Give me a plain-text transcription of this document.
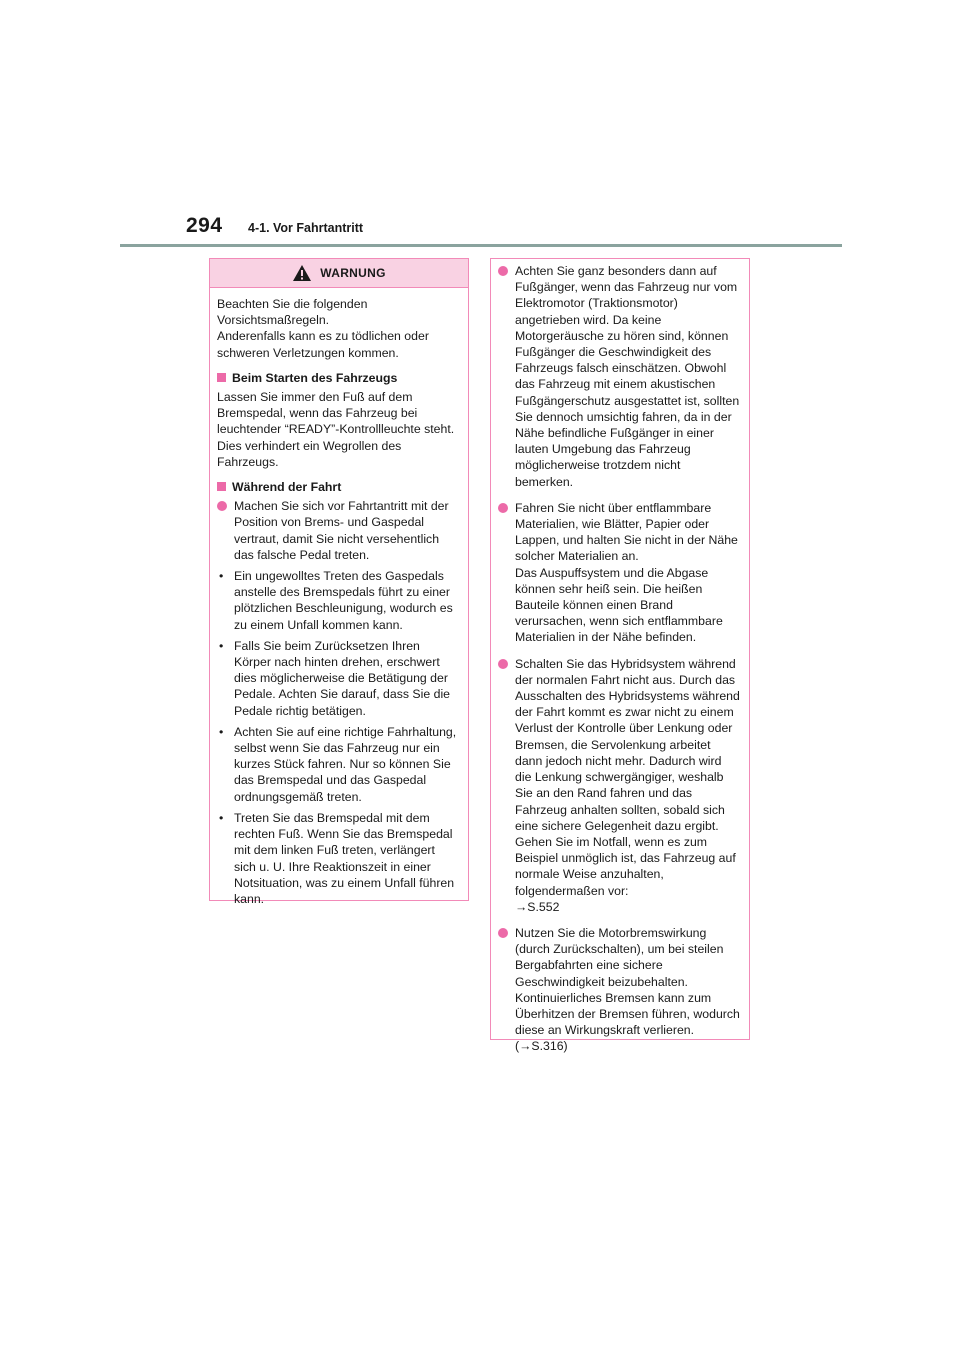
294 4-1. Vor Fahrtantritt
WARNUNG

Beachten Sie die folgenden Vorsichtsmaßregeln.

Anderenfalls kann es zu tödlichen oder schweren Verletzungen kommen.

Beim Starten des Fahrzeugs

Lassen Sie immer den Fuß auf dem Bremspedal, wenn das Fahrzeug bei leuchtender “READY”-Kontrollleuchte steht. Dies verhindert ein Wegrollen des Fahrzeugs.

Während der Fahrt
Machen Sie sich vor Fahrtantritt mit der Position von Brems- und Gaspedal vertraut, damit Sie nicht versehentlich das falsche Pedal treten.
• Ein ungewolltes Treten des Gaspedals anstelle des Bremspedals führt zu einer plötzlichen Beschleunigung, wodurch es zu einem Unfall kommen kann.
• Falls Sie beim Zurücksetzen Ihren Körper nach hinten drehen, erschwert dies möglicherweise die Betätigung der Pedale. Achten Sie darauf, dass Sie die Pedale richtig betätigen.
• Achten Sie auf eine richtige Fahrhaltung, selbst wenn Sie das Fahrzeug nur ein kurzes Stück fahren. Nur so können Sie das Bremspedal und das Gaspedal ordnungsgemäß treten.
• Treten Sie das Bremspedal mit dem rechten Fuß. Wenn Sie das Bremspedal mit dem linken Fuß treten, verlängert sich u. U. Ihre Reaktionszeit in einer Notsituation, was zu einem Unfall führen kann.
Achten Sie ganz besonders dann auf Fußgänger, wenn das Fahrzeug nur vom Elektromotor (Traktionsmotor) angetrieben wird. Da keine Motorgeräusche zu hören sind, können Fußgänger die Geschwindigkeit des Fahrzeugs falsch einschätzen. Obwohl das Fahrzeug mit einem akustischen Fußgängerschutz ausgestattet ist, sollten Sie dennoch umsichtig fahren, da in der Nähe befindliche Fußgänger in einer lauten Umgebung das Fahrzeug möglicherweise trotzdem nicht bemerken.
Fahren Sie nicht über entflammbare Materialien, wie Blätter, Papier oder Lappen, und halten Sie nicht in der Nähe solcher Materialien an.
Das Auspuffsystem und die Abgase können sehr heiß sein. Die heißen Bauteile können einen Brand verursachen, wenn sich entflammbare Materialien in der Nähe befinden.
Schalten Sie das Hybridsystem während der normalen Fahrt nicht aus. Durch das Ausschalten des Hybridsystems während der Fahrt kommt es zwar nicht zu einem Verlust der Kontrolle über Lenkung oder Bremsen, die Servolenkung arbeitet dann jedoch nicht mehr. Dadurch wird die Lenkung schwergängiger, weshalb Sie an den Rand fahren und das Fahrzeug anhalten sollten, sobald sich eine sichere Gelegenheit dazu ergibt. Gehen Sie im Notfall, wenn es zum Beispiel unmöglich ist, das Fahrzeug auf normale Weise anzuhalten, folgendermaßen vor:
→S.552
Nutzen Sie die Motorbremswirkung (durch Zurückschalten), um bei steilen Bergabfahrten eine sichere Geschwindigkeit beizubehalten.
Kontinuierliches Bremsen kann zum Überhitzen der Bremsen führen, wodurch diese an Wirkungskraft verlieren. (→S.316)
